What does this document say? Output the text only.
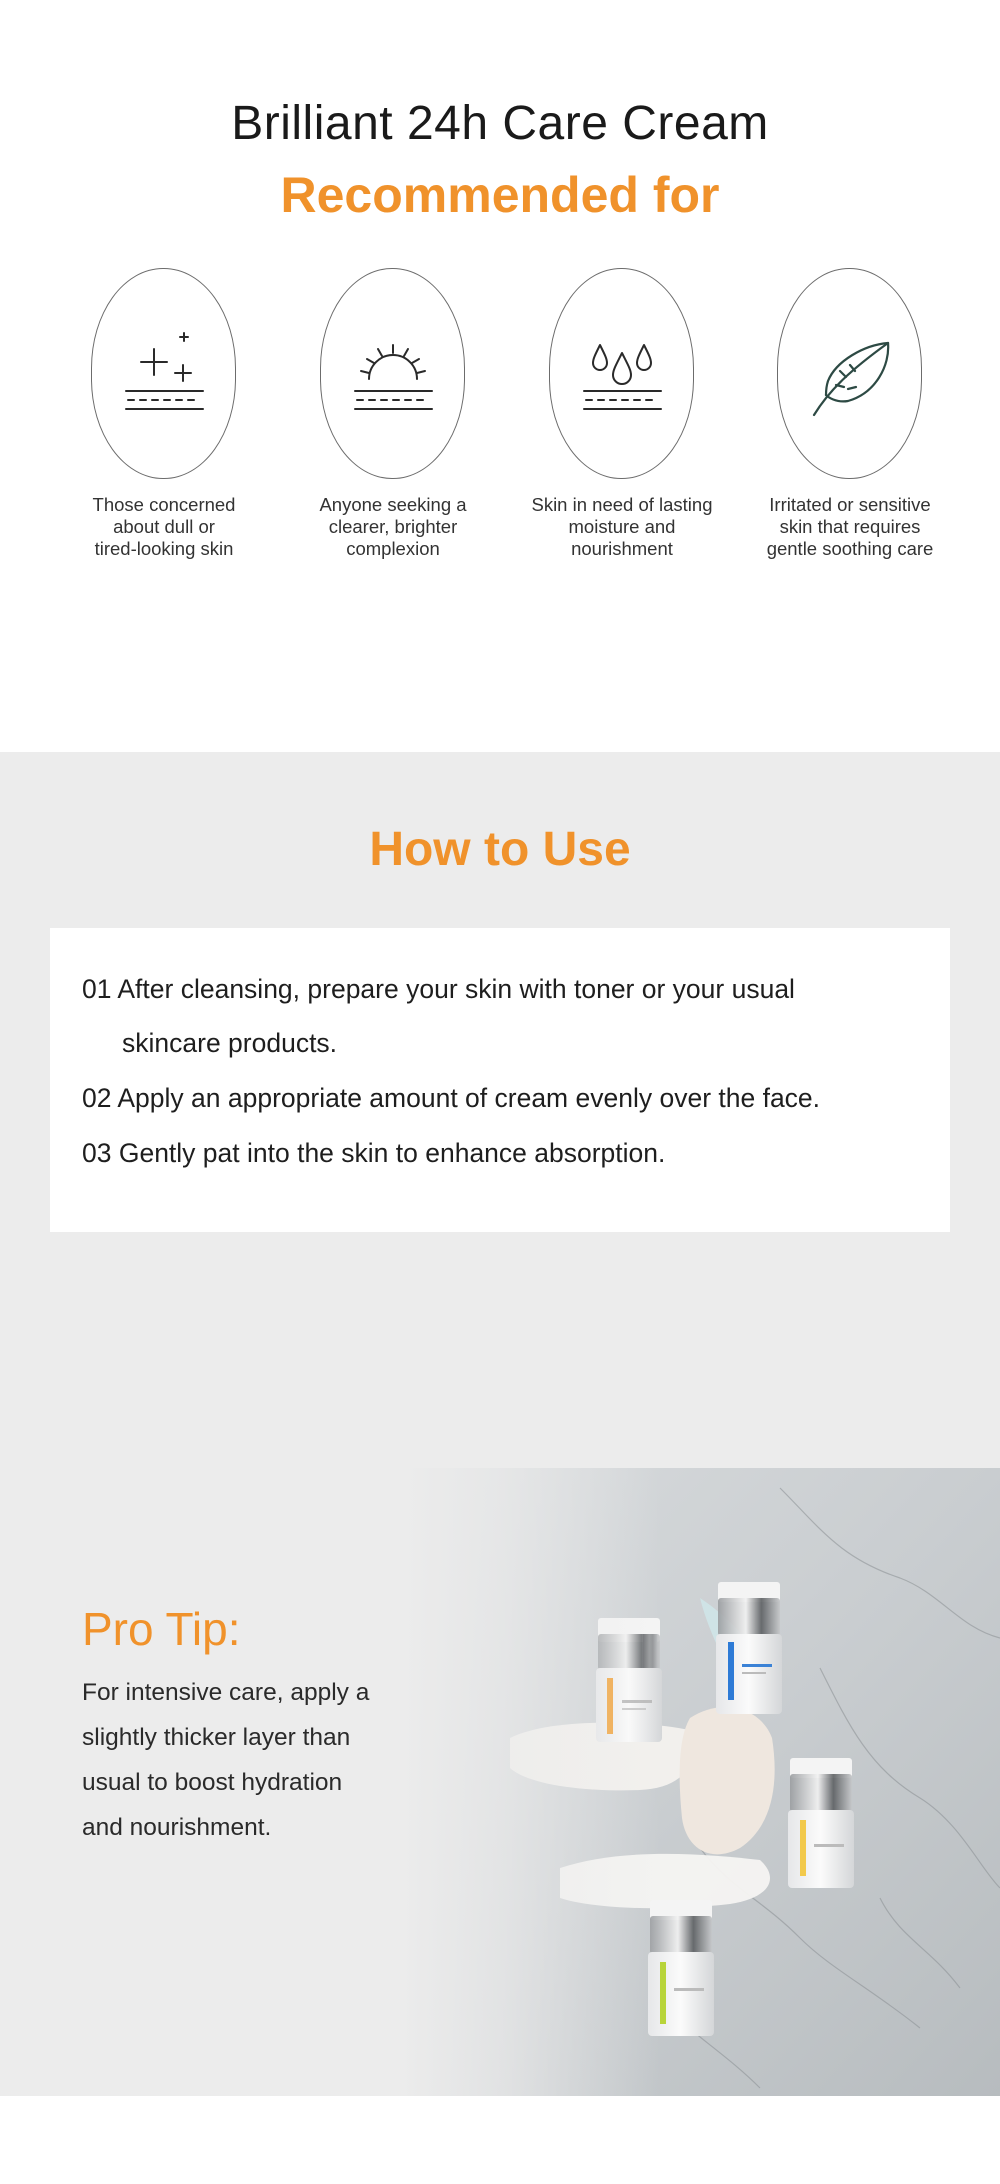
Brilliant 24h Care Cream
Recommended for
Those concerned
about dull or
tired-looking skin
Anyone seeking a
clearer, brighter
complexion
Skin in need of lasting
moisture and
nourishment
Irritated or sensitive
skin that requires
gentle soothing care
How to Use

01 After cleansing, prepare your skin with toner or your usual

skincare products.

02 Apply an appropriate amount of cream evenly over the face.

03 Gently pat into the skin to enhance absorption.

Pro Tip:
For intensive care, apply a
slightly thicker layer than
usual to boost hydration
and nourishment.
